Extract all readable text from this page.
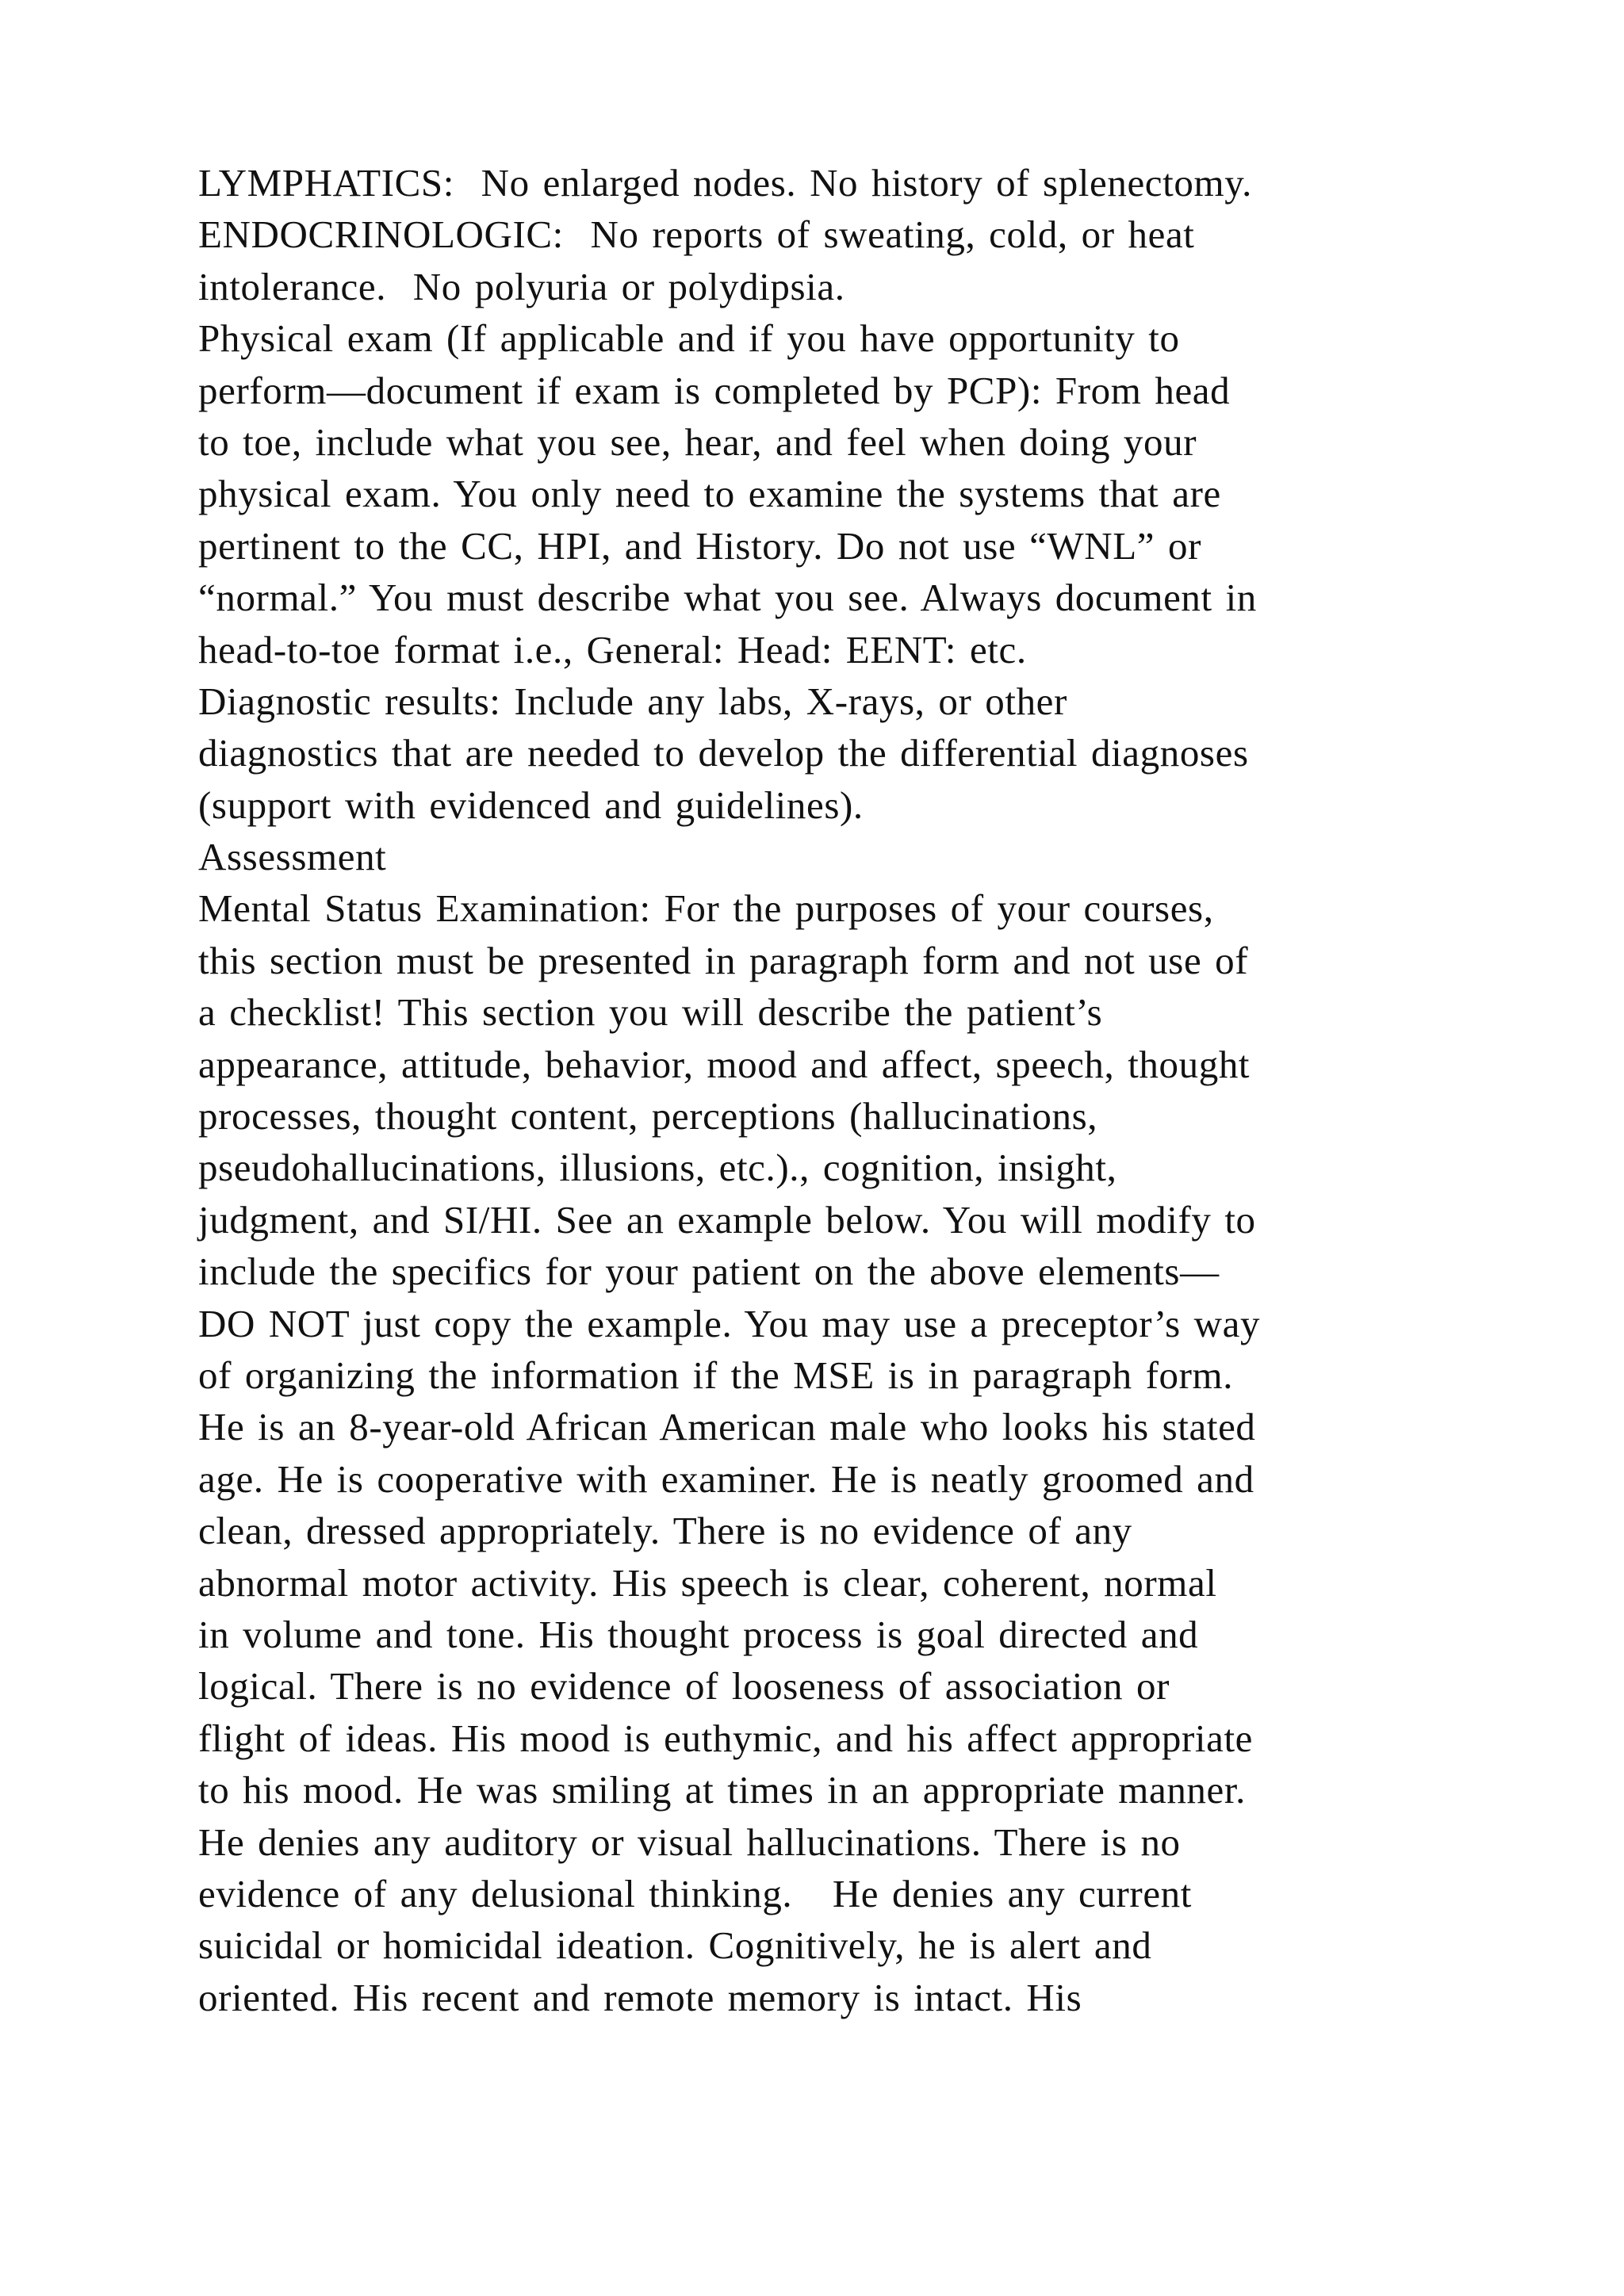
LYMPHATICS:  No enlarged nodes. No history of splenectomy.
ENDOCRINOLOGIC:  No reports of sweating, cold, or heat
intolerance.  No polyuria or polydipsia.
Physical exam (If applicable and if you have opportunity to
perform—document if exam is completed by PCP): From head
to toe, include what you see, hear, and feel when doing your
physical exam. You only need to examine the systems that are
pertinent to the CC, HPI, and History. Do not use “WNL” or
“normal.” You must describe what you see. Always document in
head-to-toe format i.e., General: Head: EENT: etc.
Diagnostic results: Include any labs, X-rays, or other
diagnostics that are needed to develop the differential diagnoses
(support with evidenced and guidelines).
Assessment
Mental Status Examination: For the purposes of your courses,
this section must be presented in paragraph form and not use of
a checklist! This section you will describe the patient’s
appearance, attitude, behavior, mood and affect, speech, thought
processes, thought content, perceptions (hallucinations,
pseudohallucinations, illusions, etc.)., cognition, insight,
judgment, and SI/HI. See an example below. You will modify to
include the specifics for your patient on the above elements—
DO NOT just copy the example. You may use a preceptor’s way
of organizing the information if the MSE is in paragraph form.
He is an 8-year-old African American male who looks his stated
age. He is cooperative with examiner. He is neatly groomed and
clean, dressed appropriately. There is no evidence of any
abnormal motor activity. His speech is clear, coherent, normal
in volume and tone. His thought process is goal directed and
logical. There is no evidence of looseness of association or
flight of ideas. His mood is euthymic, and his affect appropriate
to his mood. He was smiling at times in an appropriate manner.
He denies any auditory or visual hallucinations. There is no
evidence of any delusional thinking.   He denies any current
suicidal or homicidal ideation. Cognitively, he is alert and
oriented. His recent and remote memory is intact. His
